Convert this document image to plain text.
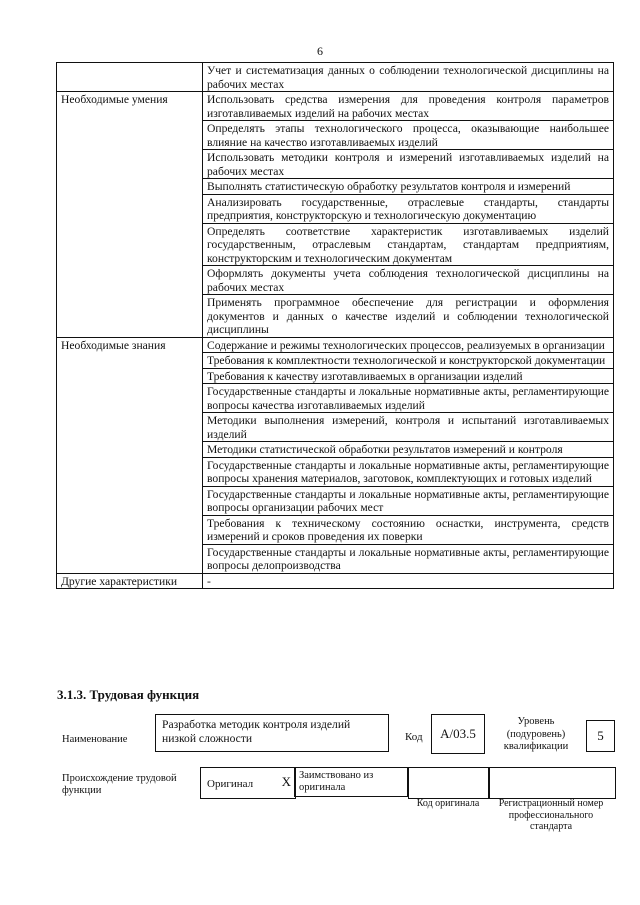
6
	Учет и систематизация данных о соблюдении технологической дисциплины на рабочих местах
Необходимые умения	Использовать средства измерения для проведения контроля параметров изготавливаемых изделий на рабочих местах
	Определять этапы технологического процесса, оказывающие наибольшее влияние на качество изготавливаемых изделий
	Использовать методики контроля и измерений изготавливаемых изделий на рабочих местах
	Выполнять статистическую обработку результатов контроля и измерений
	Анализировать государственные, отраслевые стандарты, стандарты предприятия, конструкторскую и технологическую документацию
	Определять соответствие характеристик изготавливаемых изделий государственным, отраслевым стандартам, стандартам предприятиям, конструкторским и технологическим документам
	Оформлять документы учета соблюдения технологической дисциплины на рабочих местах
	Применять программное обеспечение для регистрации и оформления документов и данных о качестве изделий и соблюдении технологической дисциплины
Необходимые знания	Содержание и режимы технологических процессов, реализуемых в организации
	Требования к комплектности технологической и конструкторской документации
	Требования к качеству изготавливаемых в организации изделий
	Государственные стандарты и локальные нормативные акты, регламентирующие вопросы качества изготавливаемых изделий
	Методики выполнения измерений, контроля и испытаний изготавливаемых изделий
	Методики статистической обработки результатов измерений и контроля
	Государственные стандарты и локальные нормативные акты, регламентирующие вопросы хранения материалов, заготовок, комплектующих и готовых изделий
	Государственные стандарты и локальные нормативные акты, регламентирующие вопросы организации рабочих мест
	Требования к техническому состоянию оснастки, инструмента, средств измерений и сроков проведения их поверки
	Государственные стандарты и локальные нормативные акты, регламентирующие вопросы делопроизводства
Другие характеристики	-
3.1.3. Трудовая функция
Наименование
Разработка методик контроля изделий низкой сложности	Код A/03.5
Уровень (подуровень) квалификации
5
Происхождение трудовой функции
Оригинал X Заимствовано из оригинала
Код оригинала	Регистрационный номер профессионального стандарта
